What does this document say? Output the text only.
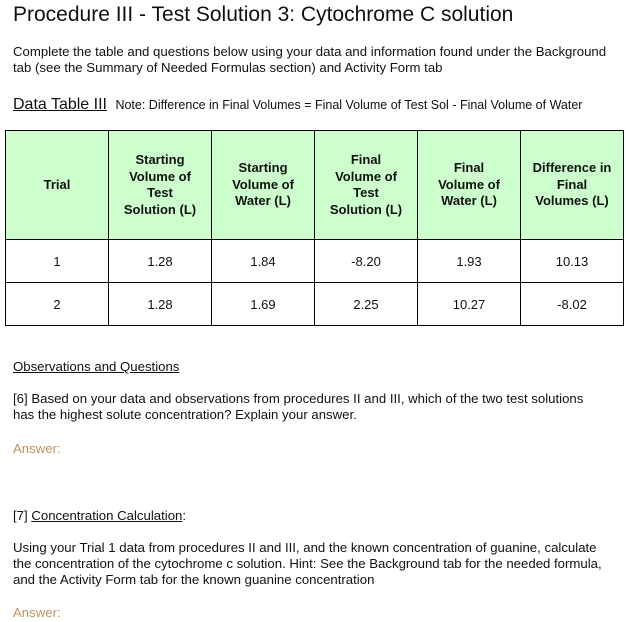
Procedure III - Test Solution 3: Cytochrome C solution
Complete the table and questions below using your data and information found under the Background tab (see the Summary of Needed Formulas section) and Activity Form tab
Data Table III Note: Difference in Final Volumes = Final Volume of Test Sol - Final Volume of Water
Trial	Starting Volume of Test Solution (L)	Starting Volume of Water (L)	Final Volume of Test Solution (L)	Final Volume of Water (L)	Difference in Final Volumes (L)

1	1.28	1.84	-8.20	1.93	10.13
2	1.28	1.69	2.25	10.27	-8.02
Observations and Questions
[6] Based on your data and observations from procedures II and III, which of the two test solutions has the highest solute concentration? Explain your answer.
Answer:
[7] Concentration Calculation:
Using your Trial 1 data from procedures II and III, and the known concentration of guanine, calculate the concentration of the cytochrome c solution. Hint: See the Background tab for the needed formula, and the Activity Form tab for the known guanine concentration
Answer:
